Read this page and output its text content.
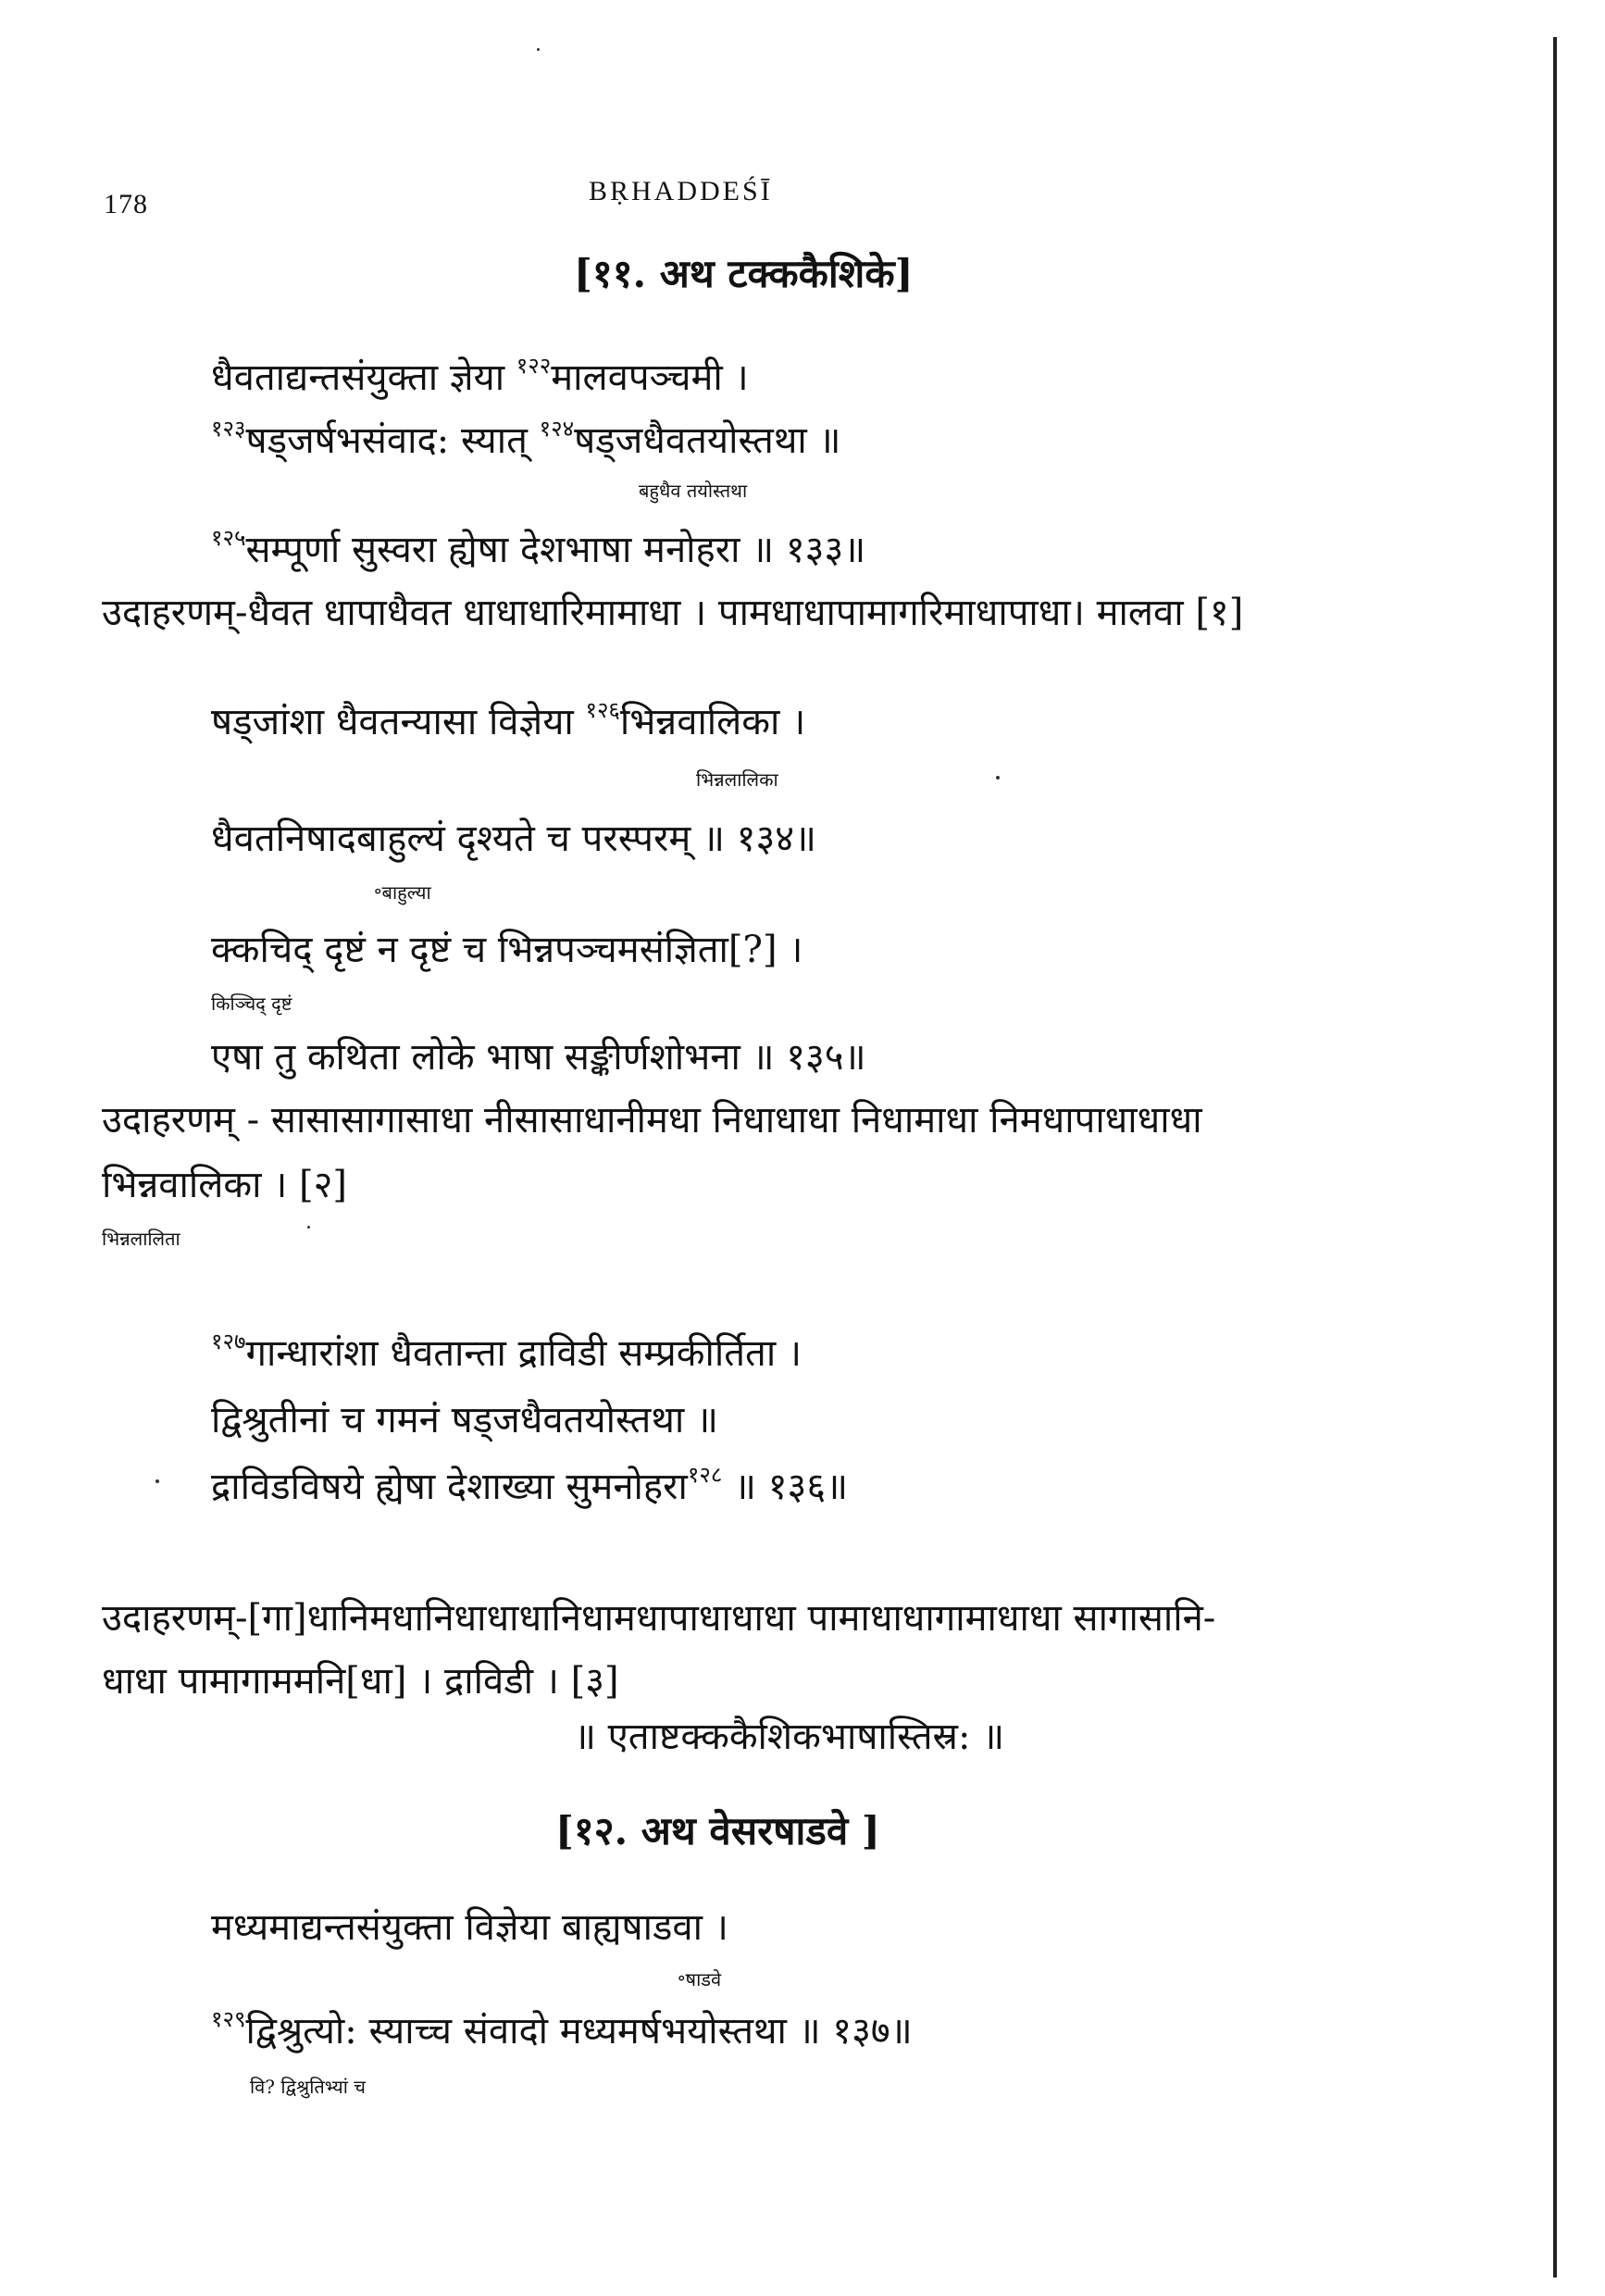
178	BṚHADDEŚĪ
[११. अथ टक्ककैशिके]
धैवताद्यन्तसंयुक्ता ज्ञेया $^{१२२}$मालवपञ्चमी ।
$^{१२३}$षड्जर्षभसंवाद: स्यात् $^{१२४}$षड्जधैवतयोस्तथा ॥
बहुधैव तयोस्तथा
$^{१२५}$सम्पूर्णा सुस्वरा ह्येषा देशभाषा मनोहरा ॥ १३३॥
उदाहरणम्-धैवत धापाधैवत धाधाधारिमामाधा । पामधाधापामागरिमाधापाधा। मालवा [१]
षड्जांशा धैवतन्यासा विज्ञेया $^{१२६}$भिन्नवालिका ।
भिन्नलालिका
धैवतनिषादबाहुल्यं दृश्यते च परस्परम् ॥ १३४॥
॰बाहुल्या
क्कचिद् दृष्टं न दृष्टं च भिन्नपञ्चमसंज्ञिता[?] ।
किञ्चिद् दृष्टं
एषा तु कथिता लोके भाषा सङ्कीर्णशोभना ॥ १३५॥
उदाहरणम् - सासासागासाधा नीसासाधानीमधा निधाधाधा निधामाधा निमधापाधाधाधा
भिन्नवालिका । [२]
भिन्नलालिता
$^{१२७}$गान्धारांशा धैवतान्ता द्राविडी सम्प्रकीर्तिता ।
द्विश्रुतीनां च गमनं षड्जधैवतयोस्तथा ॥
द्राविडविषये ह्येषा देशाख्या सुमनोहरा$^{१२८}$ ॥ १३६॥
उदाहरणम्-[गा]धानिमधानिधाधाधानिधामधापाधाधाधा पामाधाधागामाधाधा सागासानि-
धाधा पामागाममनि[धा] । द्राविडी । [३]
॥ एताष्टक्ककैशिकभाषास्तिस्र: ॥
[१२. अथ वेसरषाडवे ]
मध्यमाद्यन्तसंयुक्ता विज्ञेया बाह्यषाडवा ।
॰षाडवे
$^{१२९}$द्विश्रुत्यो: स्याच्च संवादो मध्यमर्षभयोस्तथा ॥ १३७॥
वि? द्विश्रुतिभ्यां च
